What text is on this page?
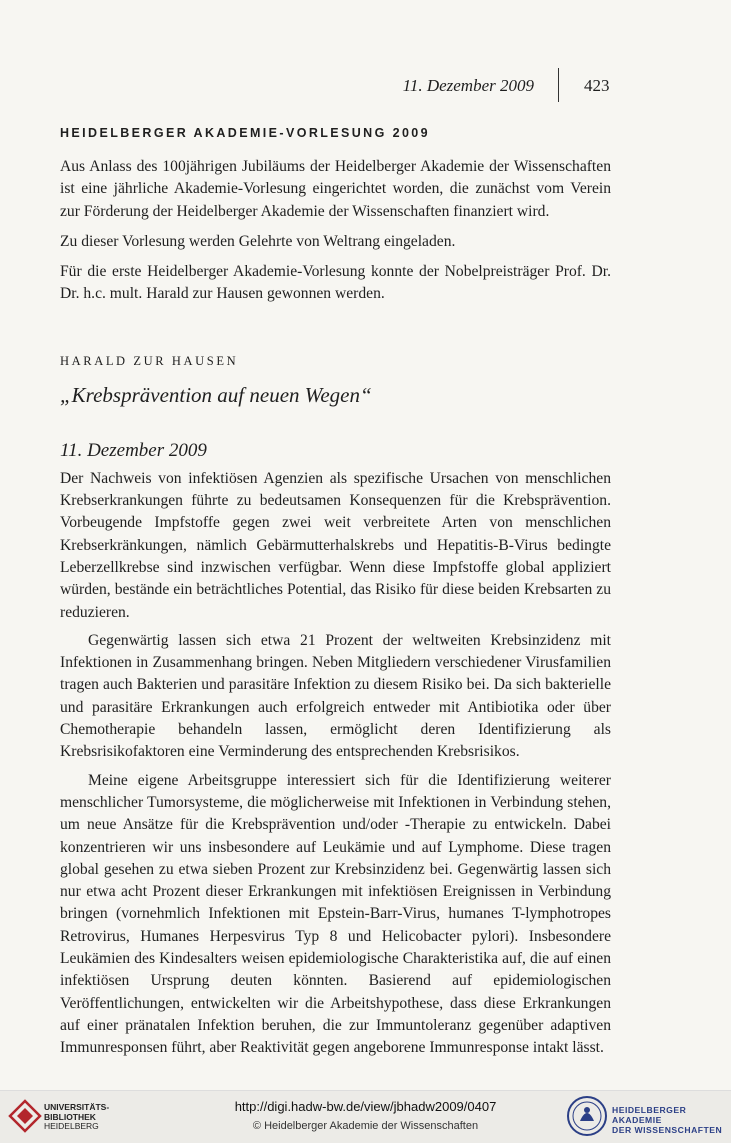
11. Dezember 2009	423
HEIDELBERGER AKADEMIE-VORLESUNG 2009

Aus Anlass des 100jährigen Jubiläums der Heidelberger Akademie der Wissenschaften ist eine jährliche Akademie-Vorlesung eingerichtet worden, die zunächst vom Verein zur Förderung der Heidelberger Akademie der Wissenschaften finanziert wird.

Zu dieser Vorlesung werden Gelehrte von Weltrang eingeladen.

Für die erste Heidelberger Akademie-Vorlesung konnte der Nobelpreisträger Prof. Dr. Dr. h.c. mult. Harald zur Hausen gewonnen werden.

HARALD ZUR HAUSEN
„Krebsprävention auf neuen Wegen“
11. Dezember 2009

Der Nachweis von infektiösen Agenzien als spezifische Ursachen von menschlichen Krebserkrankungen führte zu bedeutsamen Konsequenzen für die Krebsprävention. Vorbeugende Impfstoffe gegen zwei weit verbreitete Arten von menschlichen Krebserkränkungen, nämlich Gebärmutterhalskrebs und Hepatitis-B-Virus bedingte Leberzellkrebse sind inzwischen verfügbar. Wenn diese Impfstoffe global appliziert würden, bestände ein beträchtliches Potential, das Risiko für diese beiden Krebsarten zu reduzieren.

Gegenwärtig lassen sich etwa 21 Prozent der weltweiten Krebsinzidenz mit Infektionen in Zusammenhang bringen. Neben Mitgliedern verschiedener Virusfamilien tragen auch Bakterien und parasitäre Infektion zu diesem Risiko bei. Da sich bakterielle und parasitäre Erkrankungen auch erfolgreich entweder mit Antibiotika oder über Chemotherapie behandeln lassen, ermöglicht deren Identifizierung als Krebsrisikofaktoren eine Verminderung des entsprechenden Krebsrisikos.

Meine eigene Arbeitsgruppe interessiert sich für die Identifizierung weiterer menschlicher Tumorsysteme, die möglicherweise mit Infektionen in Verbindung stehen, um neue Ansätze für die Krebsprävention und/oder -Therapie zu entwickeln. Dabei konzentrieren wir uns insbesondere auf Leukämie und auf Lymphome. Diese tragen global gesehen zu etwa sieben Prozent zur Krebsinzidenz bei. Gegenwärtig lassen sich nur etwa acht Prozent dieser Erkrankungen mit infektiösen Ereignissen in Verbindung bringen (vornehmlich Infektionen mit Epstein-Barr-Virus, humanes T-lymphotropes Retrovirus, Humanes Herpesvirus Typ 8 und Helicobacter pylori). Insbesondere Leukämien des Kindesalters weisen epidemiologische Charakteristika auf, die auf einen infektiösen Ursprung deuten könnten. Basierend auf epidemiologischen Veröffentlichungen, entwickelten wir die Arbeitshypothese, dass diese Erkrankungen auf einer pränatalen Infektion beruhen, die zur Immuntoleranz gegenüber adaptiven Immunresponsen führt, aber Reaktivität gegen angeborene Immunresponse intakt lässt.

UNIVERSITÄTS-
BIBLIOTHEK
HEIDELBERG
http://digi.hadw-bw.de/view/jbhadw2009/0407
© Heidelberger Akademie der Wissenschaften
HEIDELBERGER AKADEMIE
DER WISSENSCHAFTEN
